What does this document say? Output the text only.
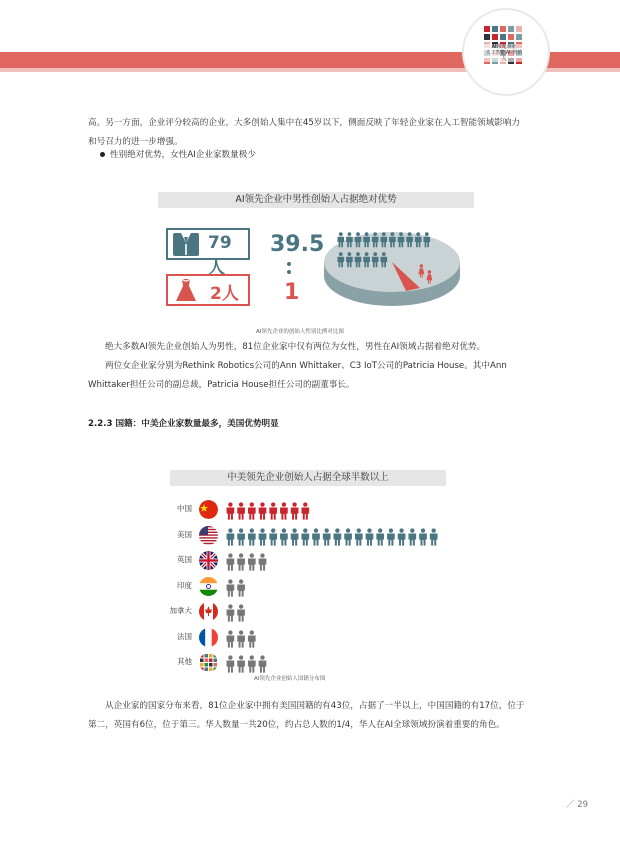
AI领先企业
人工智能AI·创始人
高。另一方面，企业评分较高的企业，大多创始人集中在45岁以下，侧面反映了年轻企业家在人工智能领域影响力和号召力的进一步增强。
性别绝对优势，女性AI企业家数量极少
AI领先企业中男性创始人占据绝对优势
79人
2人
39.5
1
AI领先企业的创始人性别比例对比图
绝大多数AI领先企业创始人为男性，81位企业家中仅有两位为女性，男性在AI领域占据着绝对优势。
两位女企业家分别为Rethink Robotics公司的Ann Whittaker、C3 IoT公司的Patricia House。其中Ann Whittaker担任公司的副总裁，Patricia House担任公司的副董事长。
2.2.3 国籍：中美企业家数量最多，美国优势明显
中美领先企业创始人占据全球半数以上
中国
美国
英国
印度
加拿大
法国
其他
AI领先企业创始人国籍分布图
从企业家的国家分布来看，81位企业家中拥有美国国籍的有43位，占据了一半以上，中国国籍的有17位，位于第二，英国有6位，位于第三。华人数量一共20位，约占总人数的1/4，华人在AI全球领域扮演着重要的角色。
／ 29
